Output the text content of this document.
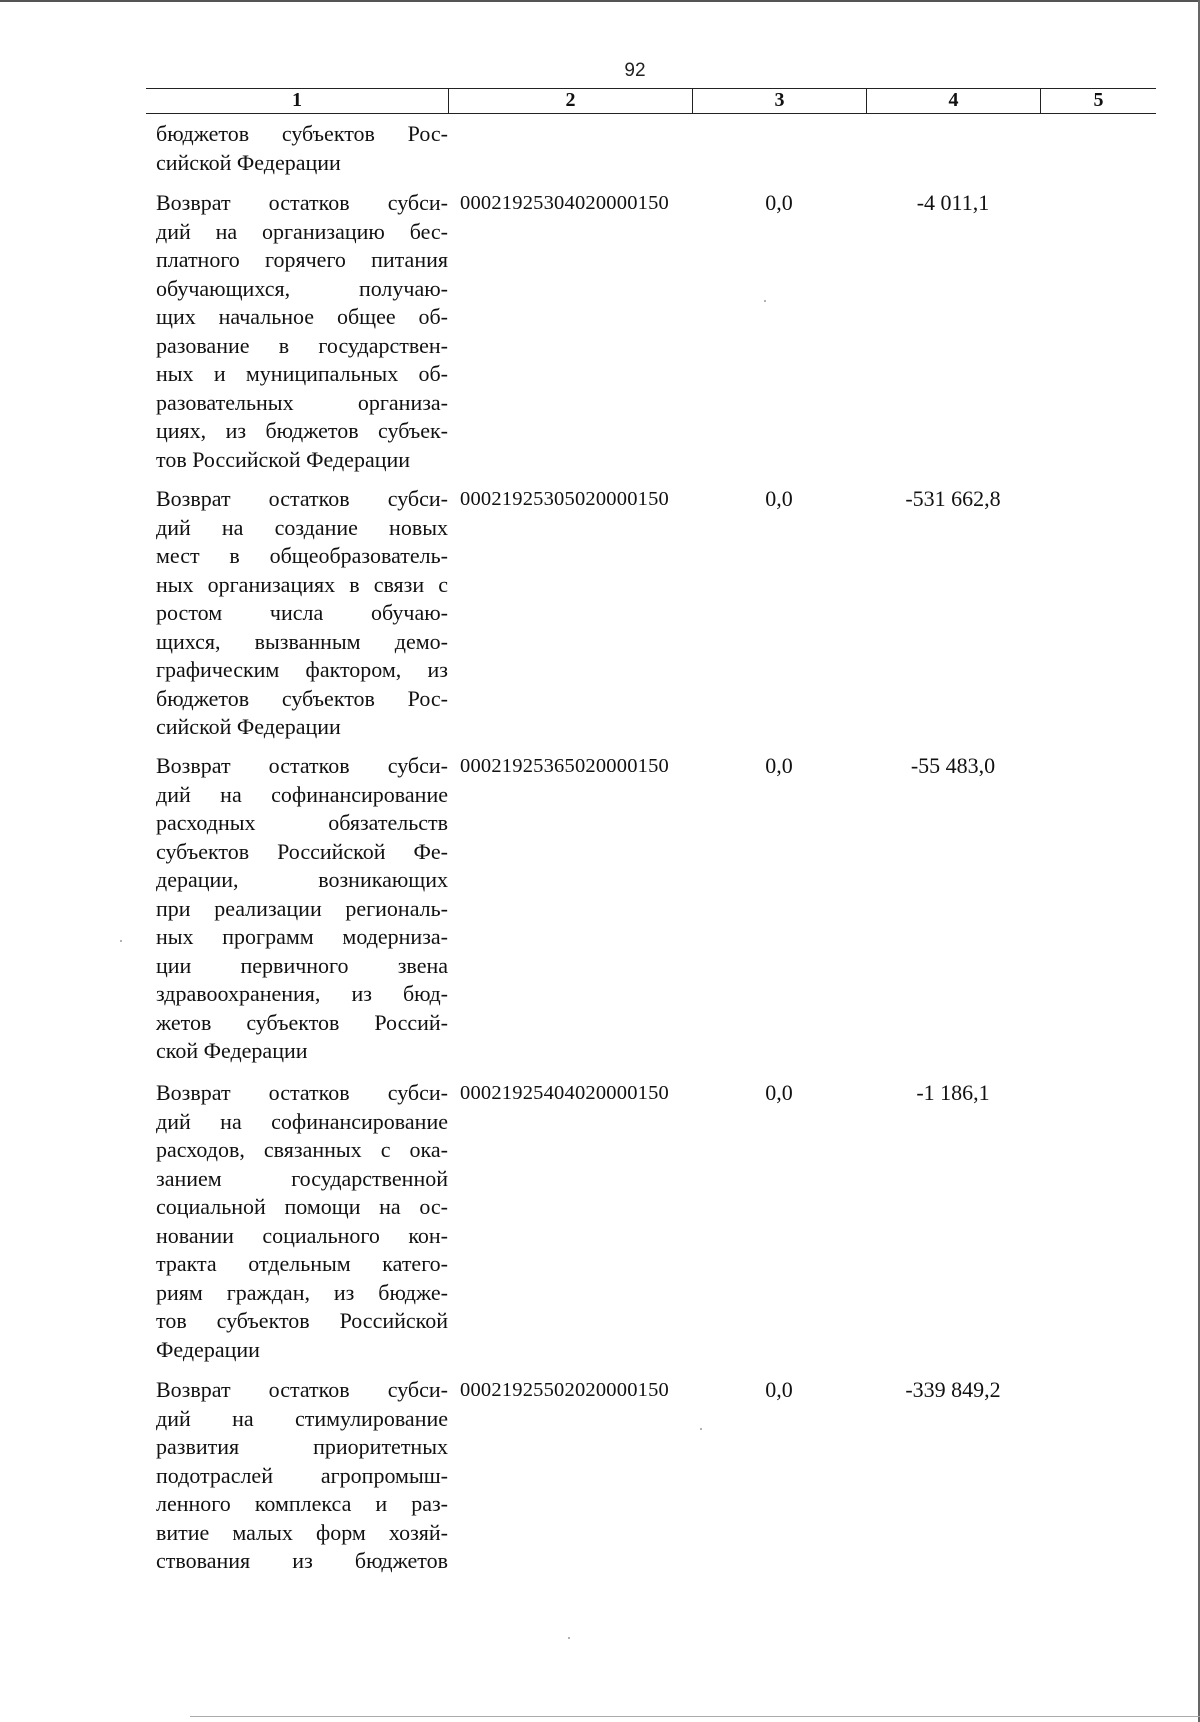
92
1	2	3	4	5
бюджетов субъектов Рос-
сийской Федерации
Возврат остатков субси-
дий на организацию бес-
платного горячего питания
обучающихся, получаю-
щих начальное общее об-
разование в государствен-
ных и муниципальных об-
разовательных организа-
циях, из бюджетов субъек-
тов Российской Федерации
00021925304020000150	0,0	-4 011,1
Возврат остатков субси-
дий на создание новых
мест в общеобразователь-
ных организациях в связи с
ростом числа обучаю-
щихся, вызванным демо-
графическим фактором, из
бюджетов субъектов Рос-
сийской Федерации
00021925305020000150	0,0	-531 662,8
Возврат остатков субси-
дий на софинансирование
расходных обязательств
субъектов Российской Фе-
дерации, возникающих
при реализации региональ-
ных программ модерниза-
ции первичного звена
здравоохранения, из бюд-
жетов субъектов Россий-
ской Федерации
00021925365020000150	0,0	-55 483,0
Возврат остатков субси-
дий на софинансирование
расходов, связанных с ока-
занием государственной
социальной помощи на ос-
новании социального кон-
тракта отдельным катего-
риям граждан, из бюдже-
тов субъектов Российской
Федерации
00021925404020000150	0,0	-1 186,1
Возврат остатков субси-
дий на стимулирование
развития приоритетных
подотраслей агропромыш-
ленного комплекса и раз-
витие малых форм хозяй-
ствования из бюджетов
00021925502020000150	0,0	-339 849,2
